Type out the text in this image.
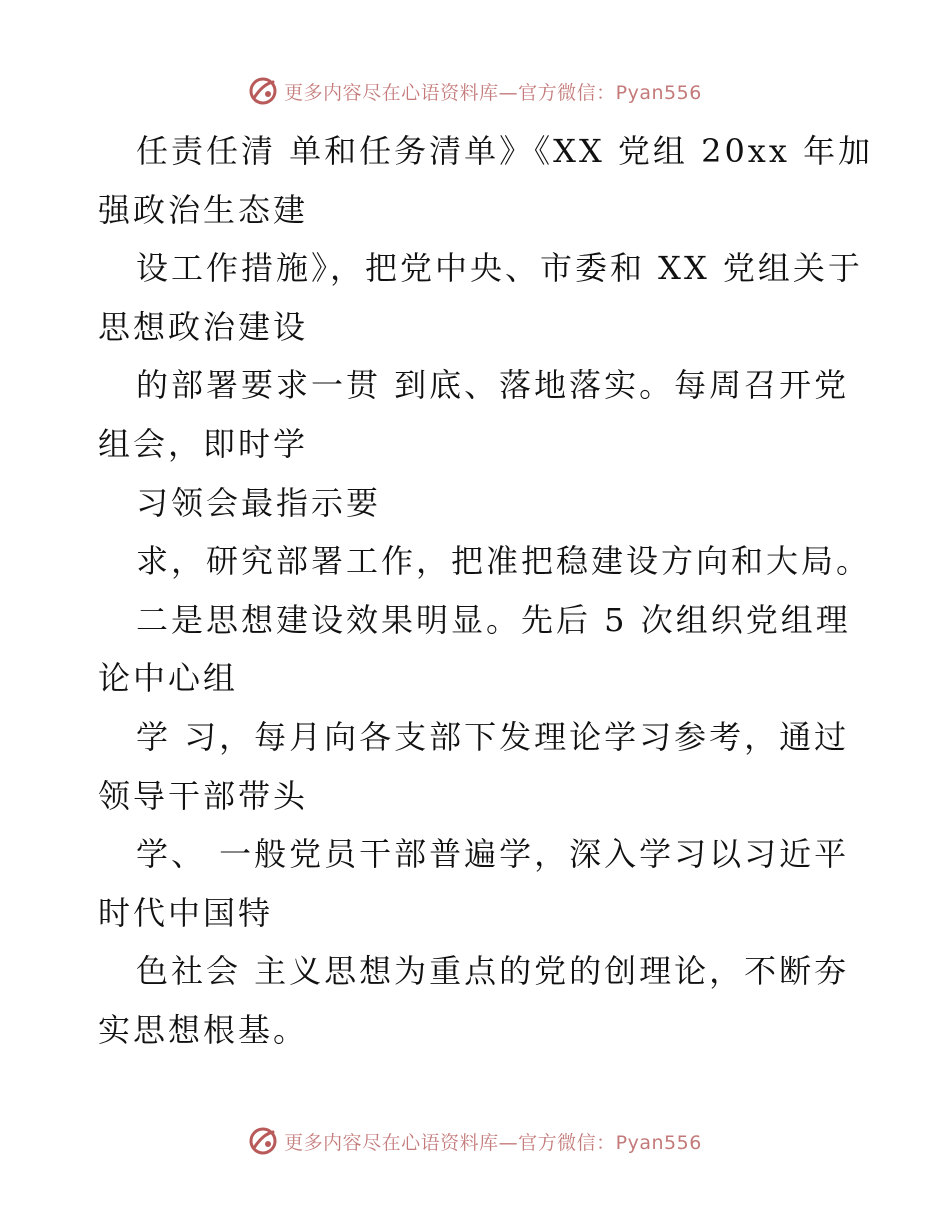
更多内容尽在心语资料库—官方微信：Pyan556
任责任清 单和任务清单》《XX 党组 20xx 年加
强政治生态建
设工作措施》，把党中央、市委和 XX 党组关于
思想政治建设
的部署要求一贯 到底、落地落实。每周召开党
组会，即时学
习领会最指示要
求，研究部署工作，把准把稳建设方向和大局。
二是思想建设效果明显。先后 5 次组织党组理
论中心组
学 习，每月向各支部下发理论学习参考，通过
领导干部带头
学、 一般党员干部普遍学，深入学习以习近平
时代中国特
色社会 主义思想为重点的党的创理论，不断夯
实思想根基。
更多内容尽在心语资料库—官方微信：Pyan556
